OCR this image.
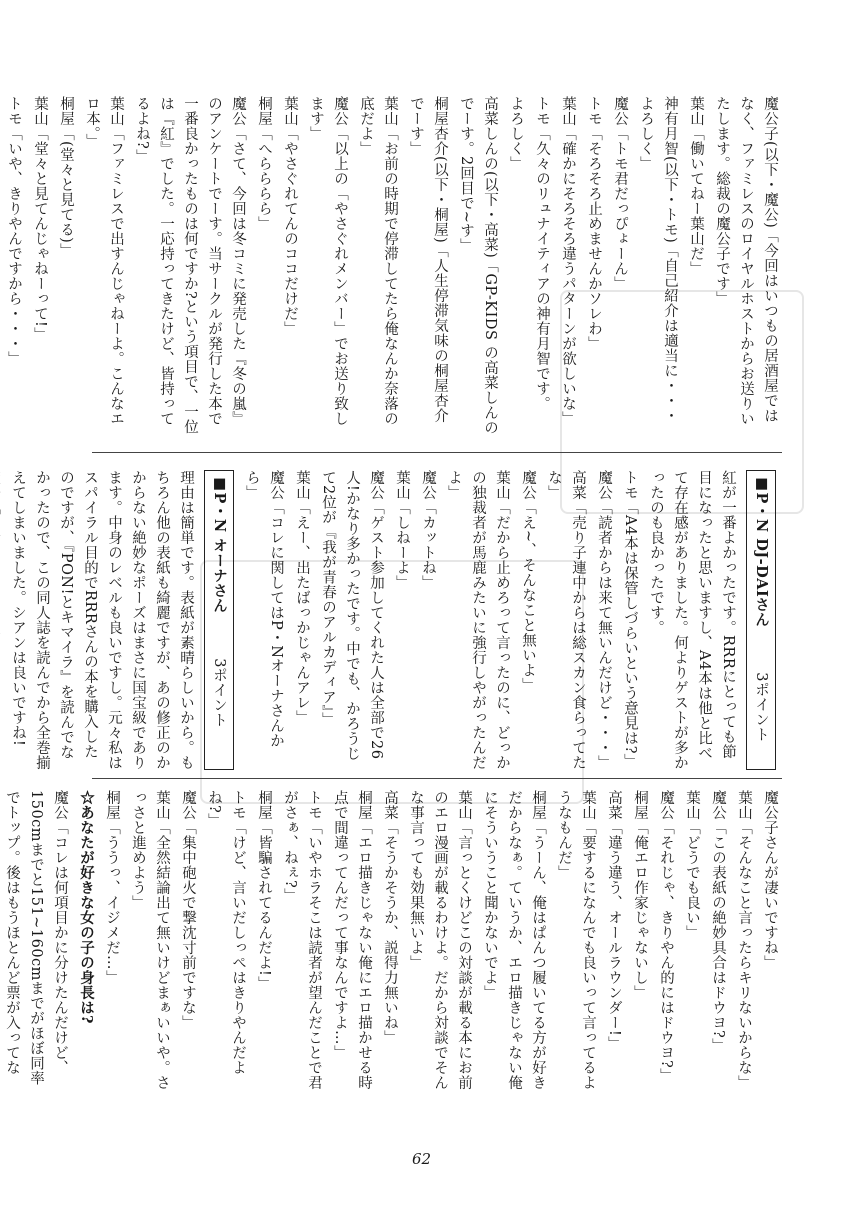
魔公子(以下・魔公)「今回はいつもの居酒屋ではなく、ファミレスのロイヤルホストからお送りいたします。総裁の魔公子です」
葉山「働いてねー葉山だ」
神有月智(以下・トモ)「自己紹介は適当に・・・よろしく」
魔公「トモ君だっぴょーん」
トモ「そろそろ止めませんかソレわ」
葉山「確かにそろそろ違うパターンが欲しいな」
トモ「久々のリュナイティアの神有月智です。
よろしく」
高菜しんの(以下・高菜)「GP-KIDS の高菜しんのでーす。2回目で~す」
桐屋杏介(以下・桐屋)「人生停滞気味の桐屋杏介でーす」
葉山「お前の時期で停滞してたら俺なんか奈落の底だよ」
魔公「以上の「やさぐれメンバー」でお送り致します」
葉山「やさぐれてんのココだけだ」
桐屋「へらららら」
魔公「さて、今回は冬コミに発売した『冬の嵐』のアンケートでーす。当サークルが発行した本で一番良かったものは何ですか?という項目で、一位は『紅』でした。一応持ってきたけど、皆持ってるよね?」
葉山「ファミレスで出すんじゃねーよ。こんなエロ本。」
桐屋「(堂々と見てる)」
葉山「堂々と見てんじゃねーって!」
トモ「いや、きりやんですから・・・」
■P・N DJ-DAIさん　　　3ポイント
紅が一番よかったです。RRRにとっても節目になったと思いますし、A4本は他と比べて存在感がありました。何よりゲストが多かったのも良かったです。
トモ「A4本は保管しづらいという意見は?」
魔公「読者からは来て無いんだけど・・・」
高菜「売り子連中からは総スカン食らってたな」
魔公「え~、そんなこと無いよ」
葉山「だから止めろって言ったのに、どっかの独裁者が馬鹿みたいに強行しやがったんだよ」
魔公「カットね」
葉山「しねーよ」
魔公「ゲスト参加してくれた人は全部で26人!かなり多かったです。中でも、かろうじて2位が『我が青春のアルカディア』」
葉山「えー、出たばっかじゃんアレ」
魔公「コレに関してはP・Nオーナさんから」
■P・N オーナさん　　　3ポイント
理由は簡単です。表紙が素晴らしいから。もちろん他の表紙も綺麗ですが、あの修正のかからない絶妙なポーズはまさに国宝級であります。中身のレベルも良いですし。元々私はスパイラル目的でRRRさんの本を購入したのですが、『PON!とキマイラ』を読んでなかったので、この同人誌を読んでから全巻揃えてしまいました。シアンは良いですね!
魔公子さんが凄いですね」
葉山「そんなこと言ったらキリないからな」
魔公「この表紙の絶妙具合はドウヨ?」
葉山「どうでも良い」
魔公「それじゃ、きりやん的にはドウヨ?」
桐屋「俺エロ作家じゃないし」
高菜「違う違う、オールラウンダー!」
葉山「要するになんでも良いって言ってるようなもんだ」
桐屋「うーん、俺はぱんつ履いてる方が好きだからなぁ。ていうか、エロ描きじゃない俺にそういうこと聞かないでよ」
葉山「言っとくけどこの対談が載る本にお前のエロ漫画が載るわけよ。だから対談でそんな事言っても効果無いよ」
高菜「そうかそうか、説得力無いね」
桐屋「エロ描きじゃない俺にエロ描かせる時点で間違ってんだって事なんですよ…」
トモ「いやホラそこは読者が望んだことで君がさぁ、ねぇ?」
桐屋「皆騙されてるんだよ!」
トモ「けど、言いだしっぺはきりやんだよね?」
魔公「集中砲火で撃沈寸前ですな」
葉山「全然結論出て無いけどまぁいいや。さっさと進めよう」
桐屋「ううっ、イジメだ…」
☆あなたが好きな女の子の身長は?
魔公「コレは何項目かに分けたんだけど、150cmまでと151~160cmまでがほぼ同率でトップ。後はもうほとんど票が入ってな
62
